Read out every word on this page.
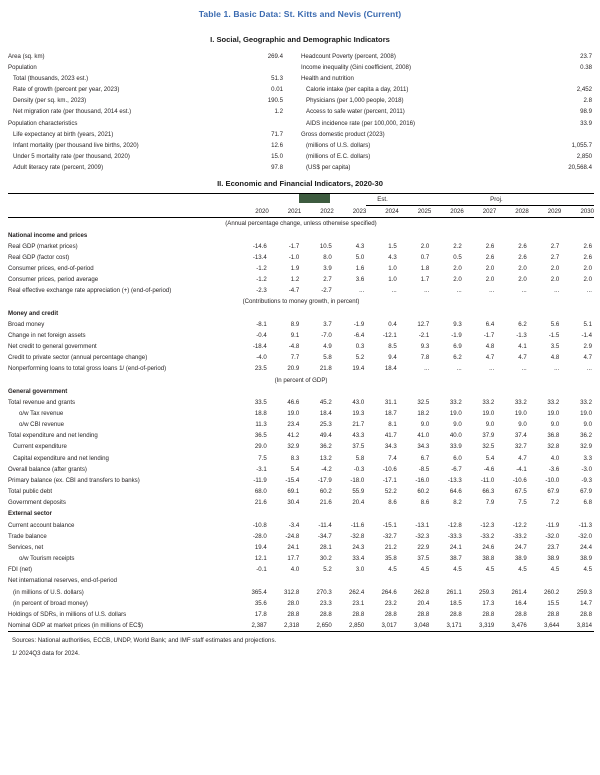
Table 1. Basic Data: St. Kitts and Nevis (Current)
I. Social, Geographic and Demographic Indicators
Area (sq. km)	269.4

Population	
Total (thousands, 2023 est.)	51.3
Rate of growth (percent per year, 2023)	0.01
Density (per sq. km., 2023)	190.5
Net migration rate (per thousand, 2014 est.)	1.2

Population characteristics	
Life expectancy at birth (years, 2021)	71.7
Infant mortality (per thousand live births, 2020)	12.6
Under 5 mortality rate (per thousand, 2020)	15.0
Adult literacy rate (percent, 2009)	97.8
Headcount Poverty (percent, 2008)	23.7
Income inequality (Gini coefficient, 2008)	0.38

Health and nutrition	
Calorie intake (per capita a day, 2011)	2,452
Physicians (per 1,000 people, 2018)	2.8
Access to safe water (percent, 2011)	98.9
AIDS incidence rate (per 100,000, 2016)	33.9

Gross domestic product (2023)	
(millions of U.S. dollars)	1,055.7
(millions of E.C. dollars)	2,850
(US$ per capita)	20,568.4
II. Economic and Financial Indicators, 2020-30
					Est.	Proj.					
	2020	2021	2022	2023	2024	2025	2026	2027	2028	2029	2030
(Annual percentage change, unless otherwise specified)											
National income and prices											
Real GDP (market prices)	-14.6	-1.7	10.5	4.3	1.5	2.0	2.2	2.6	2.6	2.7	2.6
Real GDP (factor cost)	-13.4	-1.0	8.0	5.0	4.3	0.7	0.5	2.6	2.6	2.7	2.6
Consumer prices, end-of-period	-1.2	1.9	3.9	1.6	1.0	1.8	2.0	2.0	2.0	2.0	2.0
Consumer prices, period average	-1.2	1.2	2.7	3.6	1.0	1.7	2.0	2.0	2.0	2.0	2.0
Real effective exchange rate appreciation (+) (end-of-period)	-2.3	-4.7	-2.7	...	...	...	...	...	...	...	...
(Contributions to money growth, in percent)											
Money and credit											
Broad money	-8.1	8.9	3.7	-1.9	0.4	12.7	9.3	6.4	6.2	5.6	5.1
Change in net foreign assets	-0.4	9.1	-7.0	-6.4	-12.1	-2.1	-1.9	-1.7	-1.3	-1.5	-1.4
Net credit to general government	-18.4	-4.8	4.9	0.3	8.5	9.3	6.9	4.8	4.1	3.5	2.9
Credit to private sector (annual percentage change)	-4.0	7.7	5.8	5.2	9.4	7.8	6.2	4.7	4.7	4.8	4.7
Nonperforming loans to total gross loans 1/ (end-of-period)	23.5	20.9	21.8	19.4	18.4	...	...	...	...	...	...
(In percent of GDP)											
General government											
Total revenue and grants	33.5	46.6	45.2	43.0	31.1	32.5	33.2	33.2	33.2	33.2	33.2
o/w Tax revenue	18.8	19.0	18.4	19.3	18.7	18.2	19.0	19.0	19.0	19.0	19.0
o/w CBI revenue	11.3	23.4	25.3	21.7	8.1	9.0	9.0	9.0	9.0	9.0	9.0
Total expenditure and net lending	36.5	41.2	49.4	43.3	41.7	41.0	40.0	37.9	37.4	36.8	36.2
Current expenditure	29.0	32.9	36.2	37.5	34.3	34.3	33.9	32.5	32.7	32.8	32.9
Capital expenditure and net lending	7.5	8.3	13.2	5.8	7.4	6.7	6.0	5.4	4.7	4.0	3.3
Overall balance (after grants)	-3.1	5.4	-4.2	-0.3	-10.6	-8.5	-6.7	-4.6	-4.1	-3.6	-3.0
Primary balance (ex. CBI and transfers to banks)	-11.9	-15.4	-17.9	-18.0	-17.1	-16.0	-13.3	-11.0	-10.6	-10.0	-9.3
Total public debt	68.0	69.1	60.2	55.9	52.2	60.2	64.6	66.3	67.5	67.9	67.9
Government deposits	21.6	30.4	21.6	20.4	8.6	8.6	8.2	7.9	7.5	7.2	6.8

External sector											
Current account balance	-10.8	-3.4	-11.4	-11.6	-15.1	-13.1	-12.8	-12.3	-12.2	-11.9	-11.3
Trade balance	-28.0	-24.8	-34.7	-32.8	-32.7	-32.3	-33.3	-33.2	-33.2	-32.0	-32.0
Services, net	19.4	24.1	28.1	24.3	21.2	22.9	24.1	24.6	24.7	23.7	24.4
o/w Tourism receipts	12.1	17.7	30.2	33.4	35.8	37.5	38.7	38.8	38.9	38.9	38.9
FDI (net)	-0.1	4.0	5.2	3.0	4.5	4.5	4.5	4.5	4.5	4.5	4.5

Net international reserves, end-of-period											
(in millions of U.S. dollars)	365.4	312.8	270.3	262.4	264.6	262.8	261.1	259.3	261.4	260.2	259.3
(in percent of broad money)	35.6	28.0	23.3	23.1	23.2	20.4	18.5	17.3	16.4	15.5	14.7
Holdings of SDRs, in millions of U.S. dollars	17.8	28.8	28.8	28.8	28.8	28.8	28.8	28.8	28.8	28.8	28.8

Nominal GDP at market prices (in millions of EC$)	2,387	2,318	2,650	2,850	3,017	3,048	3,171	3,319	3,476	3,644	3,814
Sources: National authorities, ECCB, UNDP, World Bank; and IMF staff estimates and projections.
1/ 2024Q3 data for 2024.
